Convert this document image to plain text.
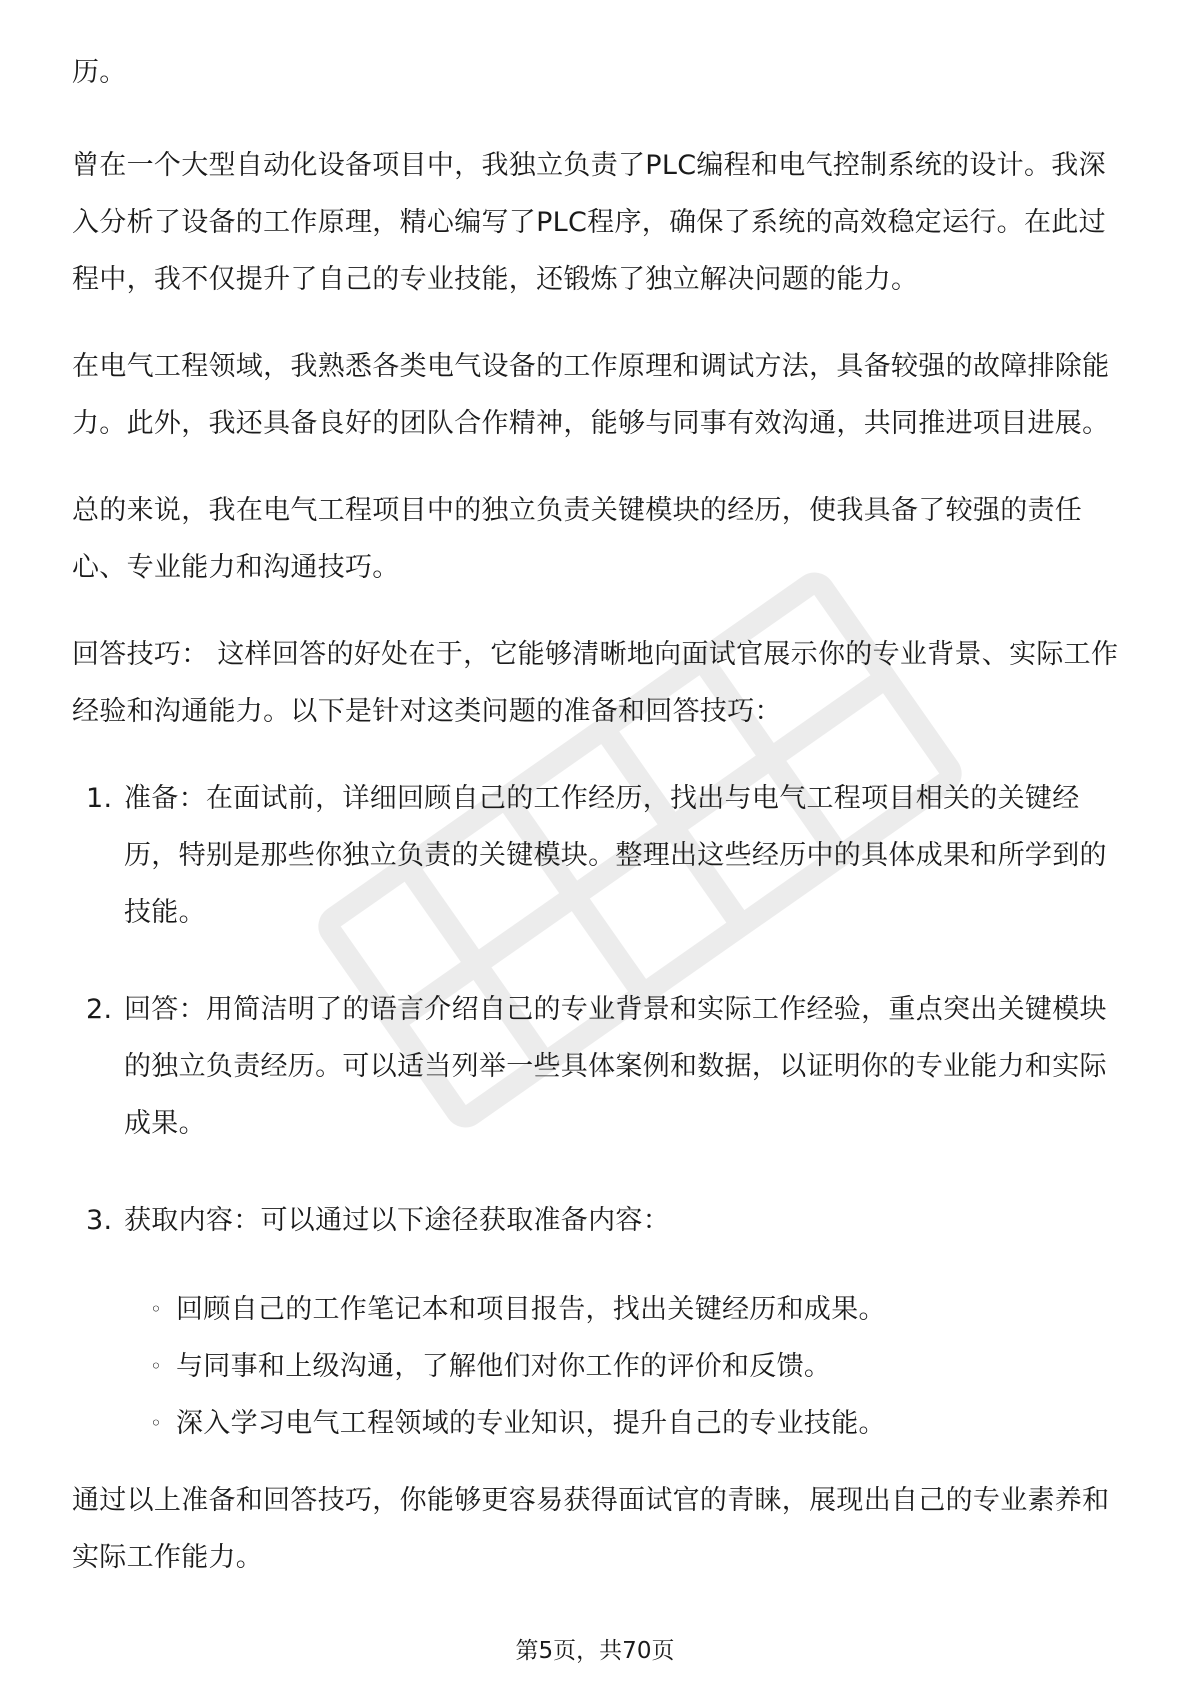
历。

曾在一个大型自动化设备项目中，我独立负责了PLC编程和电气控制系统的设计。我深入分析了设备的工作原理，精心编写了PLC程序，确保了系统的高效稳定运行。在此过程中，我不仅提升了自己的专业技能，还锻炼了独立解决问题的能力。

在电气工程领域，我熟悉各类电气设备的工作原理和调试方法，具备较强的故障排除能力。此外，我还具备良好的团队合作精神，能够与同事有效沟通，共同推进项目进展。

总的来说，我在电气工程项目中的独立负责关键模块的经历，使我具备了较强的责任心、专业能力和沟通技巧。

回答技巧： 这样回答的好处在于，它能够清晰地向面试官展示你的专业背景、实际工作经验和沟通能力。以下是针对这类问题的准备和回答技巧：

1. 准备：在面试前，详细回顾自己的工作经历，找出与电气工程项目相关的关键经历，特别是那些你独立负责的关键模块。整理出这些经历中的具体成果和所学到的技能。
2. 回答：用简洁明了的语言介绍自己的专业背景和实际工作经验，重点突出关键模块的独立负责经历。可以适当列举一些具体案例和数据，以证明你的专业能力和实际成果。
3. 获取内容：可以通过以下途径获取准备内容：
◦ 回顾自己的工作笔记本和项目报告，找出关键经历和成果。
◦ 与同事和上级沟通，了解他们对你工作的评价和反馈。
◦ 深入学习电气工程领域的专业知识，提升自己的专业技能。

通过以上准备和回答技巧，你能够更容易获得面试官的青睐，展现出自己的专业素养和实际工作能力。

第5页，共70页
